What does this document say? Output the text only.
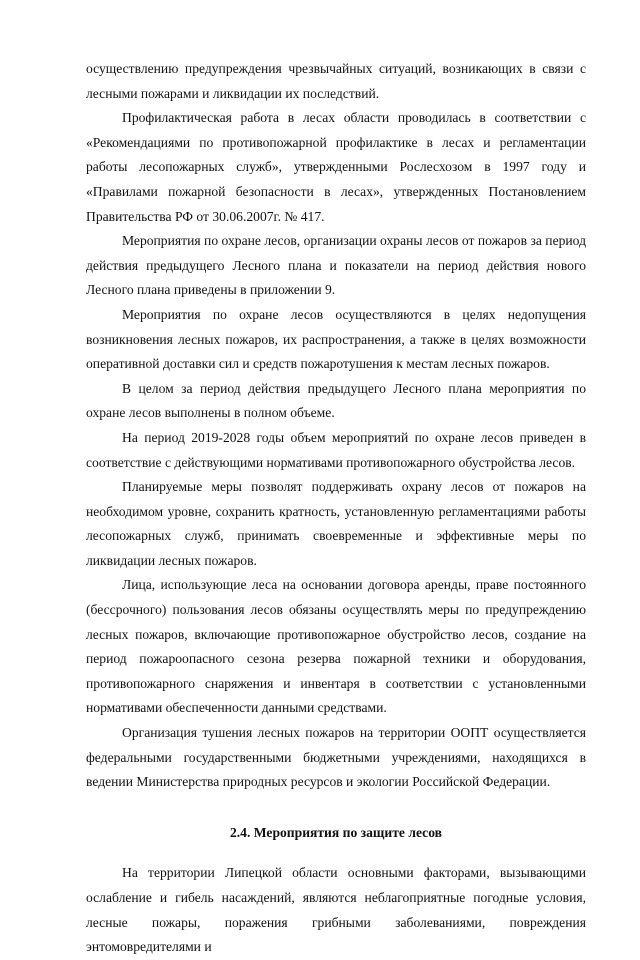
осуществлению предупреждения чрезвычайных ситуаций, возникающих в связи с лесными пожарами и ликвидации их последствий.

Профилактическая работа в лесах области проводилась в соответствии с «Рекомендациями по противопожарной профилактике в лесах и регламентации работы лесопожарных служб», утвержденными Рослесхозом в 1997 году и «Правилами пожарной безопасности в лесах», утвержденных Постановлением Правительства РФ от 30.06.2007г. № 417.

Мероприятия по охране лесов, организации охраны лесов от пожаров за период действия предыдущего Лесного плана и показатели на период действия нового Лесного плана приведены в приложении 9.

Мероприятия по охране лесов осуществляются в целях недопущения возникновения лесных пожаров, их распространения, а также в целях возможности оперативной доставки сил и средств пожаротушения к местам лесных пожаров.

В целом за период действия предыдущего Лесного плана мероприятия по охране лесов выполнены в полном объеме.

На период 2019-2028 годы объем мероприятий по охране лесов приведен в соответствие с действующими нормативами противопожарного обустройства лесов.

Планируемые меры позволят поддерживать охрану лесов от пожаров на необходимом уровне, сохранить кратность, установленную регламентациями работы лесопожарных служб, принимать своевременные и эффективные меры по ликвидации лесных пожаров.

Лица, использующие леса на основании договора аренды, праве постоянного (бессрочного) пользования лесов обязаны осуществлять меры по предупреждению лесных пожаров, включающие противопожарное обустройство лесов, создание на период пожароопасного сезона резерва пожарной техники и оборудования, противопожарного снаряжения и инвентаря в соответствии с установленными нормативами обеспеченности данными средствами.

Организация тушения лесных пожаров на территории ООПТ осуществляется федеральными государственными бюджетными учреждениями, находящихся в ведении Министерства природных ресурсов и экологии Российской Федерации.

2.4. Мероприятия по защите лесов

На территории Липецкой области основными факторами, вызывающими ослабление и гибель насаждений, являются неблагоприятные погодные условия, лесные пожары, поражения грибными заболеваниями, повреждения энтомовредителями и
